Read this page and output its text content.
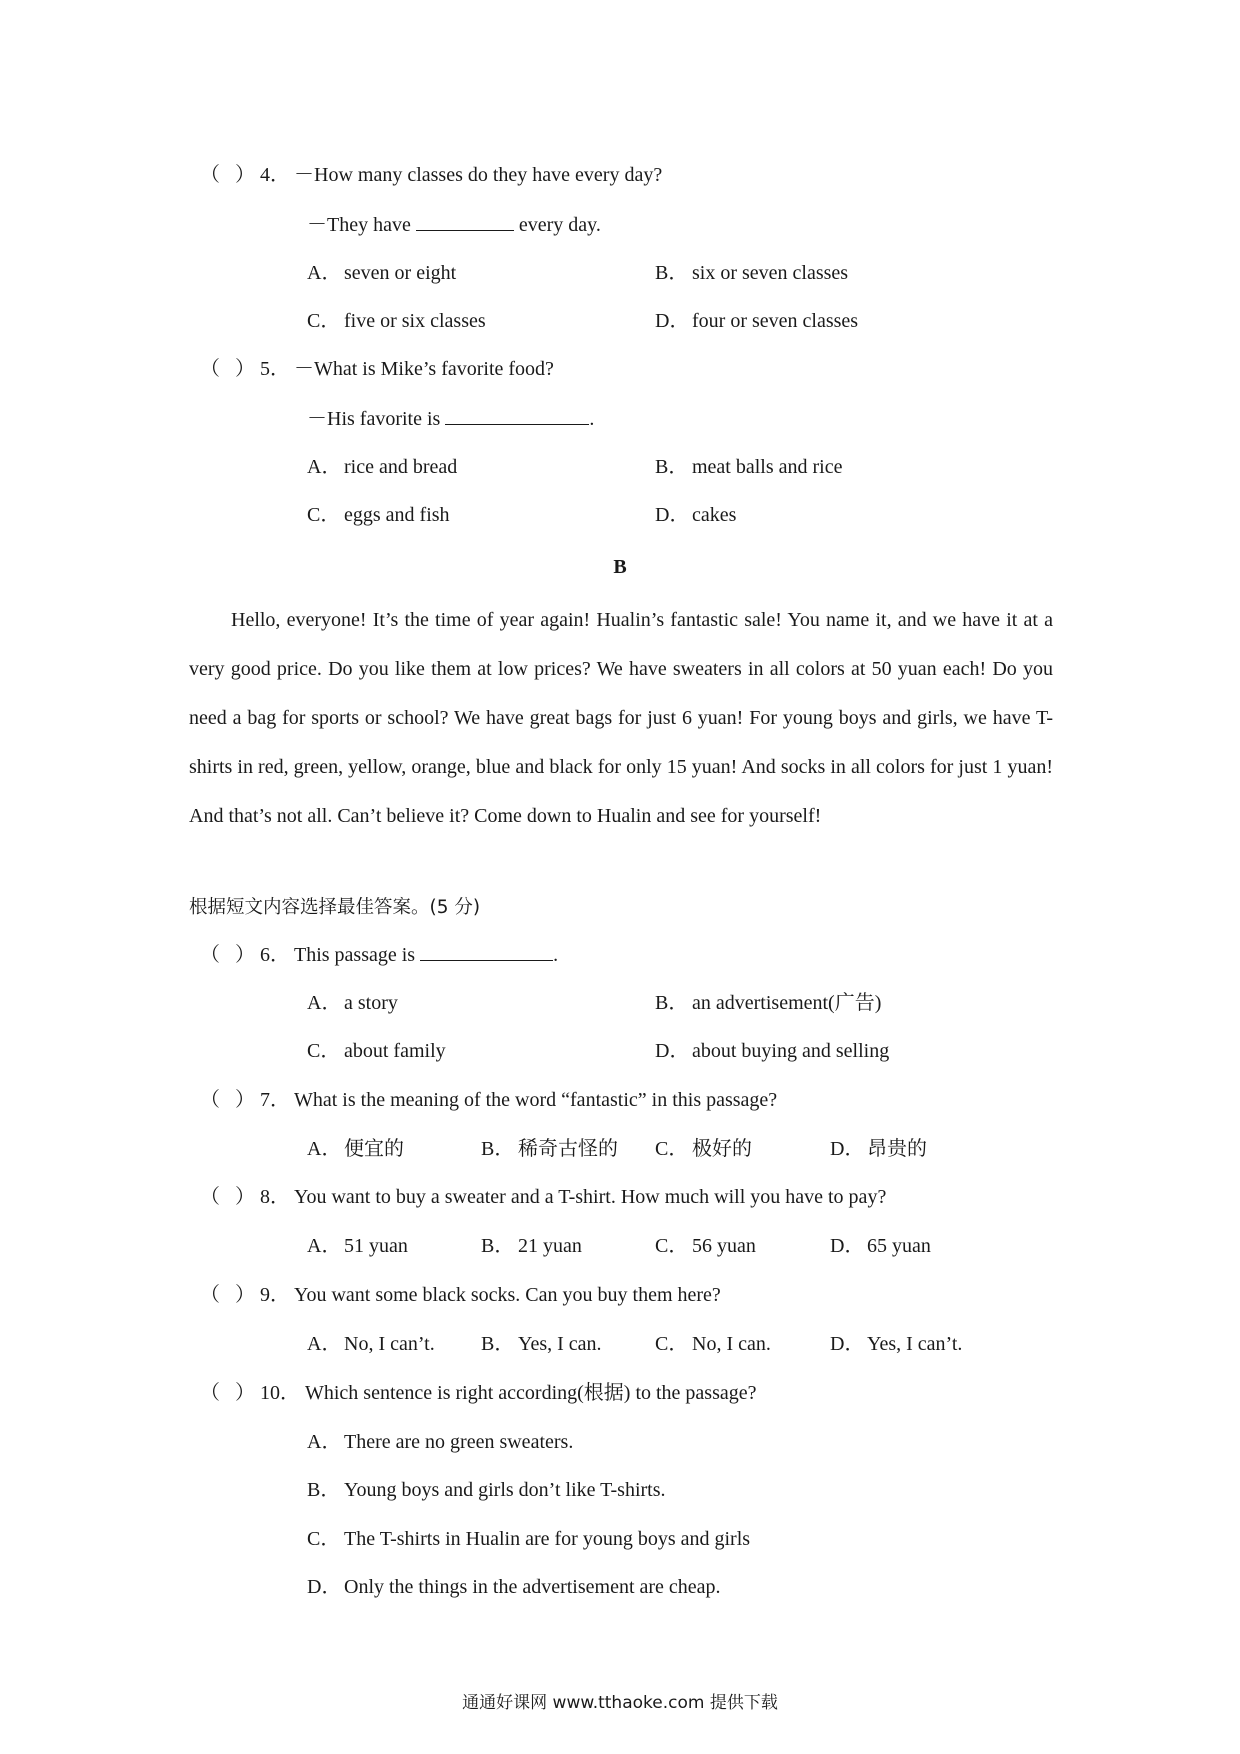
（ ） 4． －How many classes do they have every day?
－They have	every day.
A． seven or eight	B． six or seven classes
C． five or six classes	D． four or seven classes
（ ） 5． －What is Mike’s favorite food?
－His favorite is	.
A． rice and bread	B． meat balls and rice
C． eggs and fish	D． cakes
B
Hello, everyone! It’s the time of year again! Hualin’s fantastic sale! You name it, and we have it at a very good price. Do you like them at low prices? We have sweaters in all colors at 50 yuan each! Do you need a bag for sports or school? We have great bags for just 6 yuan! For young boys and girls, we have T-shirts in red, green, yellow, orange, blue and black for only 15 yuan! And socks in all colors for just 1 yuan! And that’s not all. Can’t believe it? Come down to Hualin and see for yourself!
根据短文内容选择最佳答案。(5 分)
（ ） 6． This passage is	.
A． a story	B． an advertisement(广告)
C． about family	D． about buying and selling
（ ） 7． What is the meaning of the word “fantastic” in this passage?
A． 便宜的	B． 稀奇古怪的 C． 极好的	D． 昂贵的
（ ） 8． You want to buy a sweater and a T-shirt. How much will you have to pay?
A． 51 yuan	B． 21 yuan	C． 56 yuan	D． 65 yuan
（ ） 9． You want some black socks. Can you buy them here?
A． No, I can’t. B． Yes, I can.	C． No, I can.	D． Yes, I can’t.
（ ） 10． Which sentence is right according(根据) to the passage?
A． There are no green sweaters.
B． Young boys and girls don’t like T-shirts.
C． The T-shirts in Hualin are for young boys and girls
D． Only the things in the advertisement are cheap.
通通好课网 www.tthaoke.com 提供下载
